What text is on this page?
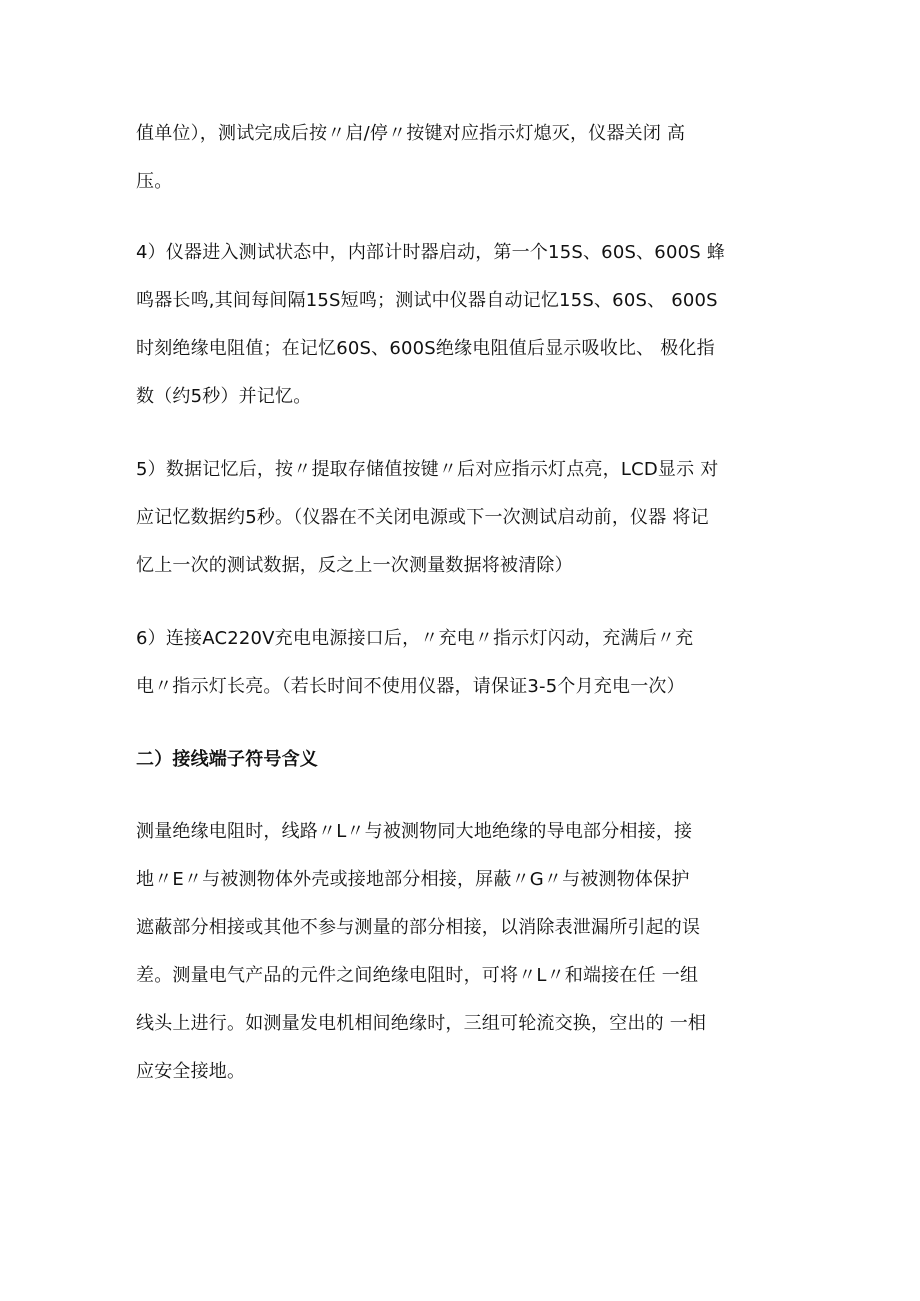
值单位），测试完成后按〃启/停〃按键对应指示灯熄灭，仪器关闭 高
压。
4）仪器进入测试状态中，内部计时器启动，第一个15S、60S、600S 蜂
鸣器长鸣,其间每间隔15S短鸣；测试中仪器自动记忆15S、60S、 600S
时刻绝缘电阻值；在记忆60S、600S绝缘电阻值后显示吸收比、 极化指
数（约5秒）并记忆。
5）数据记忆后，按〃提取存储值按键〃后对应指示灯点亮，LCD显示 对
应记忆数据约5秒。（仪器在不关闭电源或下一次测试启动前，仪器 将记
忆上一次的测试数据，反之上一次测量数据将被清除）
6）连接AC220V充电电源接口后，〃充电〃指示灯闪动，充满后〃充
电〃指示灯长亮。（若长时间不使用仪器，请保证3-5个月充电一次）
二）接线端子符号含义
测量绝缘电阻时，线路〃L〃与被测物同大地绝缘的导电部分相接，接
地〃E〃与被测物体外壳或接地部分相接，屏蔽〃G〃与被测物体保护
遮蔽部分相接或其他不参与测量的部分相接，以消除表泄漏所引起的误
差。测量电气产品的元件之间绝缘电阻时，可将〃L〃和端接在任 一组
线头上进行。如测量发电机相间绝缘时，三组可轮流交换，空出的 一相
应安全接地。
